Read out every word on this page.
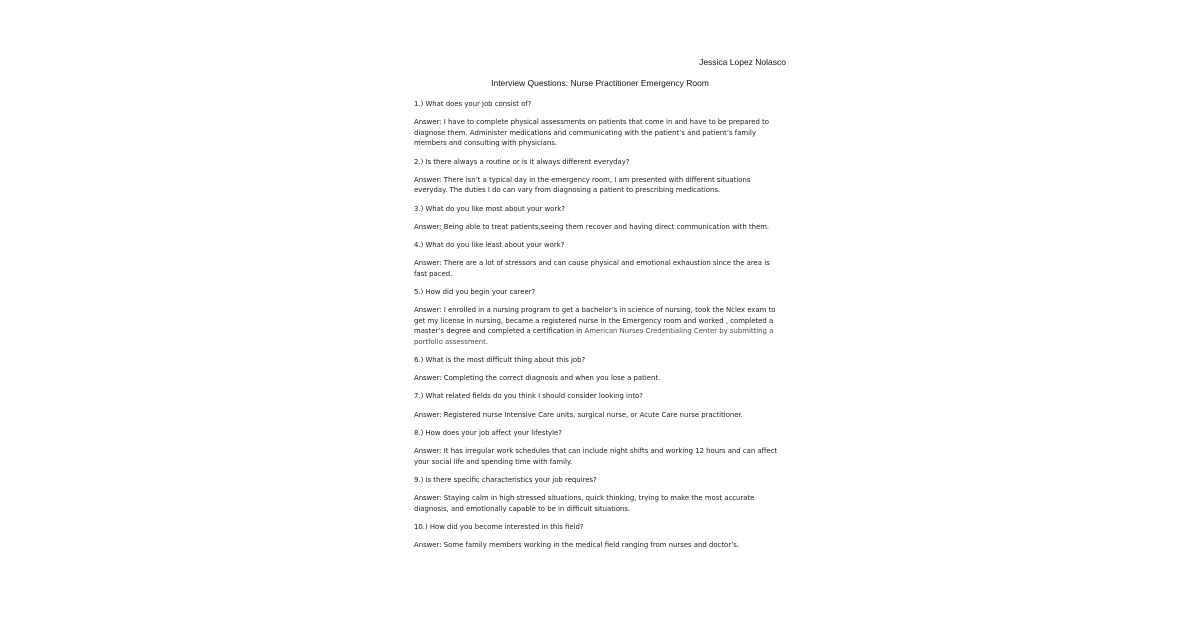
Jessica Lopez Nolasco
Interview Questions: Nurse Practitioner Emergency Room
1.) What does your job consist of?
Answer: I have to complete physical assessments on patients that come in and have to be prepared to
diagnose them. Administer medications and communicating with the patient’s and patient’s family
members and consulting with physicians.
2.) Is there always a routine or is it always different everyday?
Answer: There isn’t a typical day in the emergency room, I am presented with different situations
everyday. The duties I do can vary from diagnosing a patient to prescribing medications.
3.) What do you like most about your work?
Answer: Being able to treat patients,seeing them recover and having direct communication with them.
4.) What do you like least about your work?
Answer: There are a lot of stressors and can cause physical and emotional exhaustion since the area is
fast paced.
5.) How did you begin your career?
Answer: I enrolled in a nursing program to get a bachelor’s in science of nursing, took the Nclex exam to
get my license in nursing, became a registered nurse in the Emergency room and worked , completed a
master’s degree and completed a certification in American Nurses Credentialing Center by submitting a
portfolio assessment.
6.) What is the most difficult thing about this job?
Answer: Completing the correct diagnosis and when you lose a patient.
7.) What related fields do you think I should consider looking into?
Answer: Registered nurse Intensive Care units, surgical nurse, or Acute Care nurse practitioner.
8.) How does your job affect your lifestyle?
Answer: It has irregular work schedules that can include night shifts and working 12 hours and can affect
your social life and spending time with family.
9.) Is there specific characteristics your job requires?
Answer: Staying calm in high stressed situations, quick thinking, trying to make the most accurate
diagnosis, and emotionally capable to be in difficult situations.
10.) How did you become interested in this field?
Answer: Some family members working in the medical field ranging from nurses and doctor’s.
